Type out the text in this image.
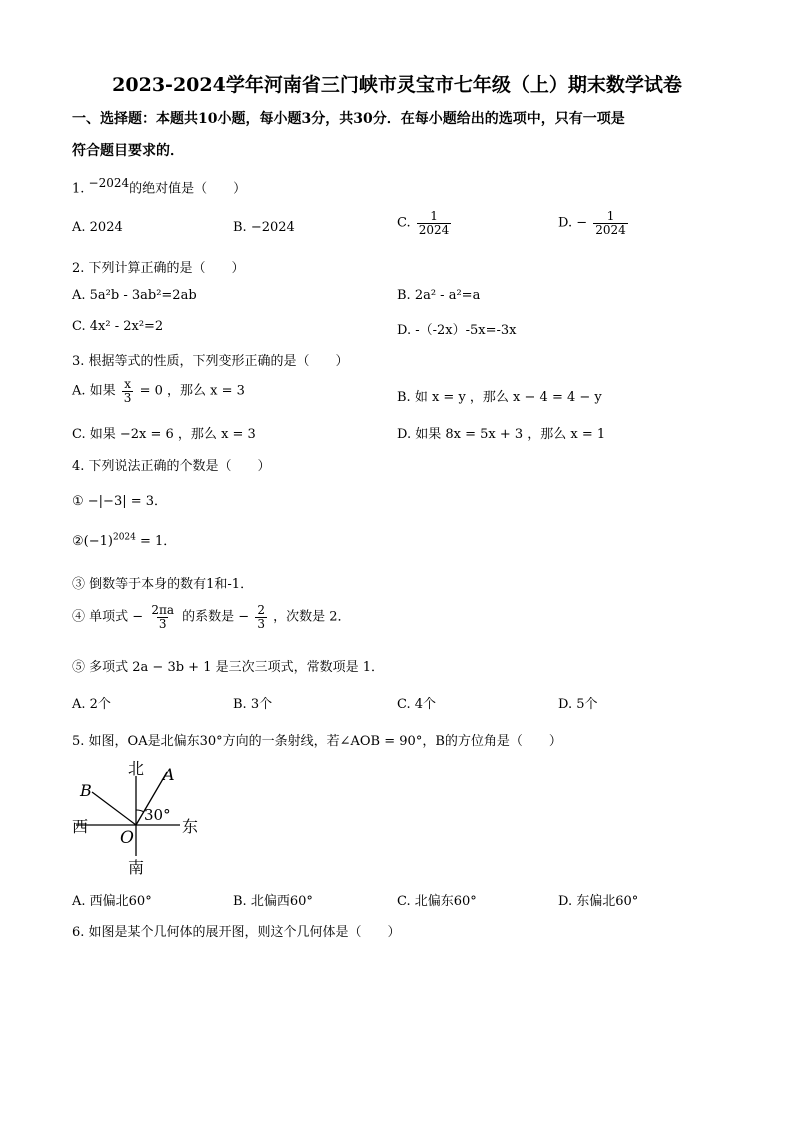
2023-2024学年河南省三门峡市灵宝市七年级（上）期末数学试卷
一、选择题：本题共10小题，每小题3分，共30分．在每小题给出的选项中，只有一项是
符合题目要求的．
1. $^{-2024}$的绝对值是（　　）
A. 2024	B. −2024	C. $\frac{1}{2024}$	D. − $\frac{1}{2024}$
2. 下列计算正确的是（　　）
A. 5a²b - 3ab²=2ab	B. 2a² - a²=a
C. 4x² - 2x²=2	D. -（-2x）-5x=-3x
3. 根据等式的性质，下列变形正确的是（　　）
A. 如果 $\frac{x}{3} = 0$ ，那么 x = 3	B. 如 x = y ，那么 x − 4 = 4 − y
C. 如果 −2x = 6 ，那么 x = 3	D. 如果 8x = 5x + 3 ，那么 x = 1
4. 下列说法正确的个数是（　　）
① −|−3| = 3．
$②(-1)^{2024} = 1$．
③ 倒数等于本身的数有1和-1．
④ 单项式 − $\frac{2\pi a}{3}$ 的系数是 − $\frac{2}{3}$ ，次数是 2．
⑤ 多项式 2a − 3b + 1 是三次三项式，常数项是 1．
A. 2个	B. 3个	C. 4个	D. 5个
5. 如图，OA是北偏东30°方向的一条射线，若∠AOB = 90°，B的方位角是（　　）
北
南
西	东
A
B
O
30°
A. 西偏北60°	B. 北偏西60°	C. 北偏东60°	D. 东偏北60°
6. 如图是某个几何体的展开图，则这个几何体是（　　）
